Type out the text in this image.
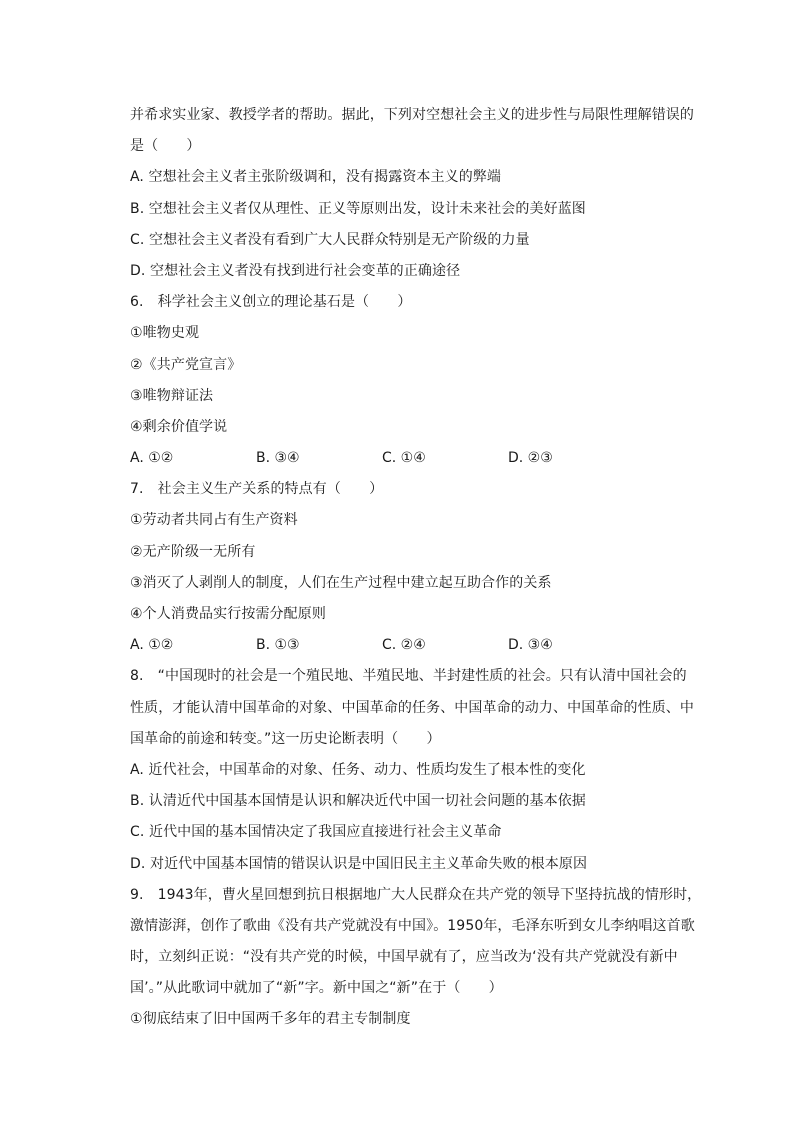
并希求实业家、教授学者的帮助。据此，下列对空想社会主义的进步性与局限性理解错误的
是（　　）
A. 空想社会主义者主张阶级调和，没有揭露资本主义的弊端
B. 空想社会主义者仅从理性、正义等原则出发，设计未来社会的美好蓝图
C. 空想社会主义者没有看到广大人民群众特别是无产阶级的力量
D. 空想社会主义者没有找到进行社会变革的正确途径
6.　科学社会主义创立的理论基石是（　　）
①唯物史观
②《共产党宣言》
③唯物辩证法
④剩余价值学说
A. ①②	B. ③④	C. ①④	D. ②③
7.　社会主义生产关系的特点有（　　）
①劳动者共同占有生产资料
②无产阶级一无所有
③消灭了人剥削人的制度，人们在生产过程中建立起互助合作的关系
④个人消费品实行按需分配原则
A. ①②	B. ①③	C. ②④	D. ③④
8.　“中国现时的社会是一个殖民地、半殖民地、半封建性质的社会。只有认清中国社会的
性质，才能认清中国革命的对象、中国革命的任务、中国革命的动力、中国革命的性质、中
国革命的前途和转变。”这一历史论断表明（　　）
A. 近代社会，中国革命的对象、任务、动力、性质均发生了根本性的变化
B. 认清近代中国基本国情是认识和解决近代中国一切社会问题的基本依据
C. 近代中国的基本国情决定了我国应直接进行社会主义革命
D. 对近代中国基本国情的错误认识是中国旧民主主义革命失败的根本原因
9.　1943年，曹火星回想到抗日根据地广大人民群众在共产党的领导下坚持抗战的情形时，
激情澎湃，创作了歌曲《没有共产党就没有中国》。1950年，毛泽东听到女儿李纳唱这首歌
时，立刻纠正说：“没有共产党的时候，中国早就有了，应当改为‘没有共产党就没有新中
国’。”从此歌词中就加了“新”字。新中国之“新”在于（　　）
①彻底结束了旧中国两千多年的君主专制制度
